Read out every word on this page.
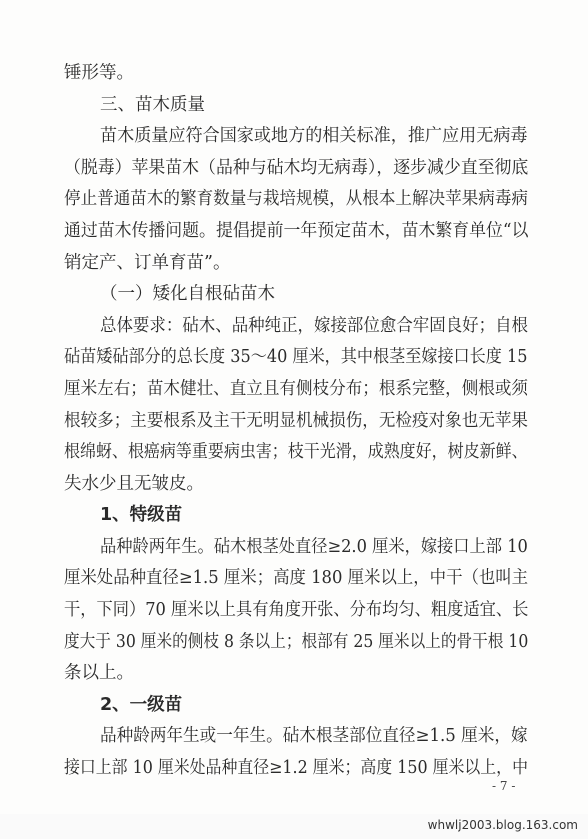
锤形等。
三、苗木质量
苗木质量应符合国家或地方的相关标准，推广应用无病毒
（脱毒）苹果苗木（品种与砧木均无病毒），逐步减少直至彻底
停止普通苗木的繁育数量与栽培规模，从根本上解决苹果病毒病
通过苗木传播问题。提倡提前一年预定苗木，苗木繁育单位“以
销定产、订单育苗”。
（一）矮化自根砧苗木
总体要求：砧木、品种纯正，嫁接部位愈合牢固良好；自根
砧苗矮砧部分的总长度 35～40 厘米，其中根茎至嫁接口长度 15
厘米左右；苗木健壮、直立且有侧枝分布；根系完整，侧根或须
根较多；主要根系及主干无明显机械损伤，无检疫对象也无苹果
根绵蚜、根癌病等重要病虫害；枝干光滑，成熟度好，树皮新鲜、
失水少且无皱皮。
1、特级苗
品种龄两年生。砧木根茎处直径≥2.0 厘米，嫁接口上部 10
厘米处品种直径≥1.5 厘米；高度 180 厘米以上，中干（也叫主
干，下同）70 厘米以上具有角度开张、分布均匀、粗度适宜、长
度大于 30 厘米的侧枝 8 条以上；根部有 25 厘米以上的骨干根 10
条以上。
2、一级苗
品种龄两年生或一年生。砧木根茎部位直径≥1.5 厘米，嫁
接口上部 10 厘米处品种直径≥1.2 厘米；高度 150 厘米以上，中
- 7 -
whwlj2003.blog.163.com
